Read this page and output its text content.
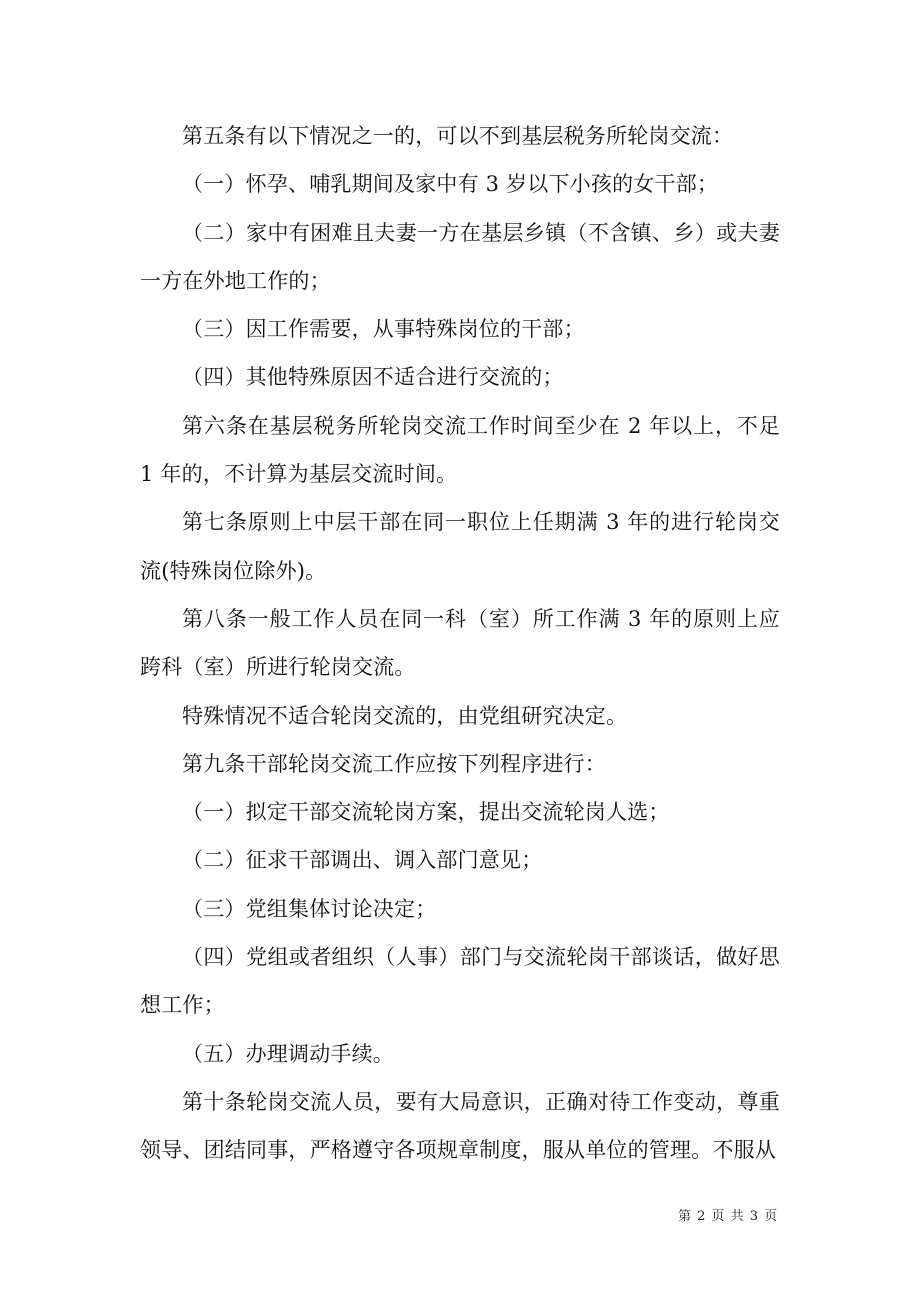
第五条有以下情况之一的，可以不到基层税务所轮岗交流：

（一）怀孕、哺乳期间及家中有 3 岁以下小孩的女干部；

（二）家中有困难且夫妻一方在基层乡镇（不含镇、乡）或夫妻一方在外地工作的；

（三）因工作需要，从事特殊岗位的干部；

（四）其他特殊原因不适合进行交流的；

第六条在基层税务所轮岗交流工作时间至少在 2 年以上，不足 1 年的，不计算为基层交流时间。

第七条原则上中层干部在同一职位上任期满 3 年的进行轮岗交流(特殊岗位除外)。

第八条一般工作人员在同一科（室）所工作满 3 年的原则上应跨科（室）所进行轮岗交流。

特殊情况不适合轮岗交流的，由党组研究决定。

第九条干部轮岗交流工作应按下列程序进行：

（一）拟定干部交流轮岗方案，提出交流轮岗人选；

（二）征求干部调出、调入部门意见；

（三）党组集体讨论决定；

（四）党组或者组织（人事）部门与交流轮岗干部谈话，做好思想工作；

（五）办理调动手续。

第十条轮岗交流人员，要有大局意识，正确对待工作变动，尊重领导、团结同事，严格遵守各项规章制度，服从单位的管理。不服从

第 2 页 共 3 页
